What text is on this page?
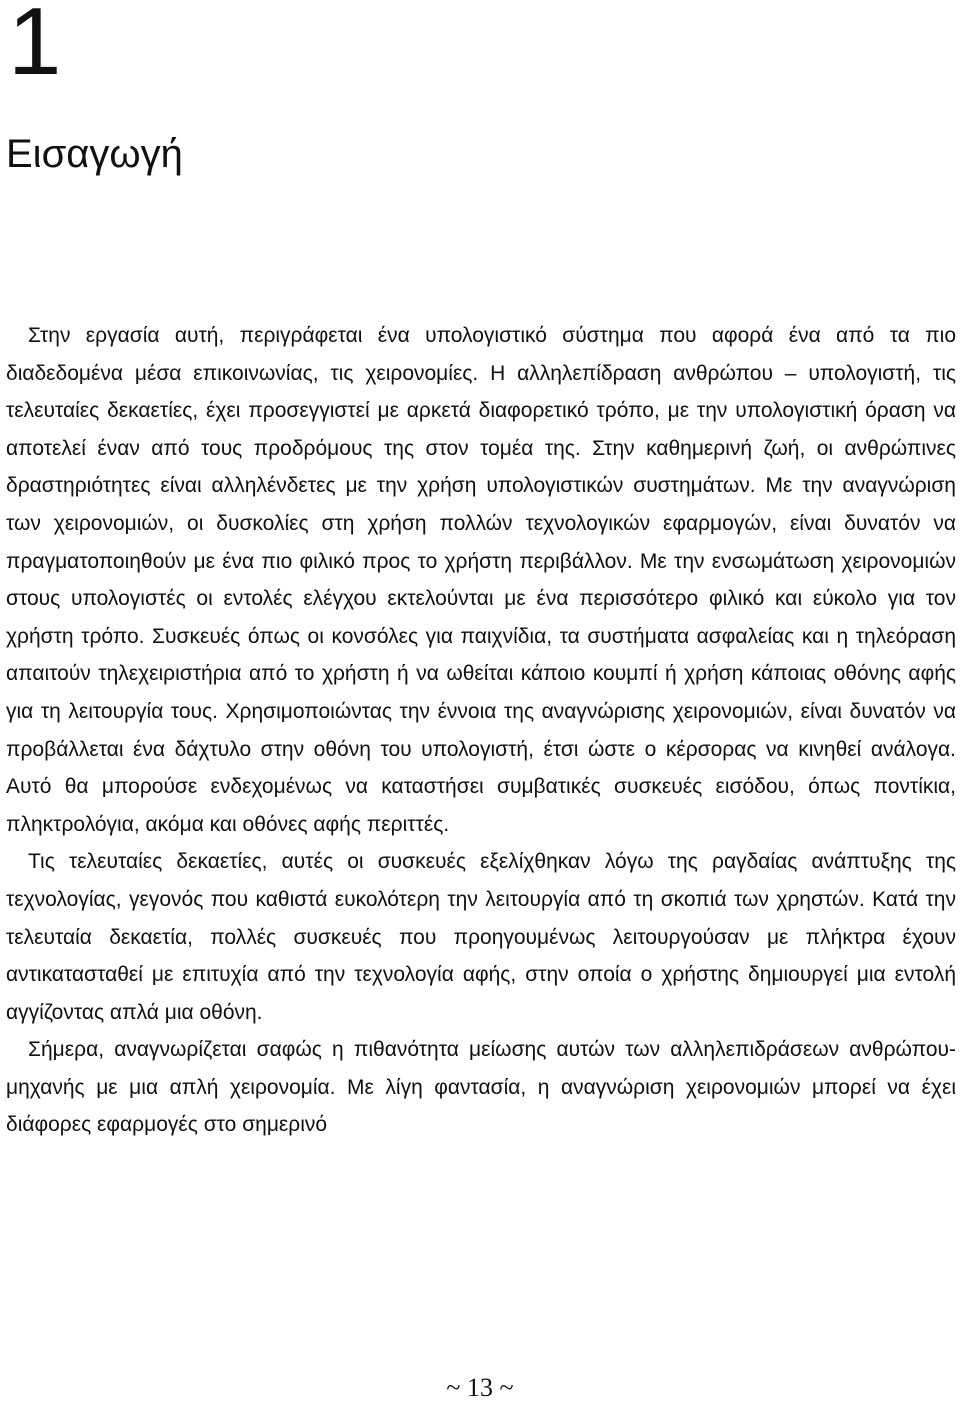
1
Εισαγωγή

Στην εργασία αυτή, περιγράφεται ένα υπολογιστικό σύστημα που αφορά ένα από τα πιο διαδεδομένα μέσα επικοινωνίας, τις χειρονομίες. Η αλληλεπίδραση ανθρώπου – υπολογιστή, τις τελευταίες δεκαετίες, έχει προσεγγιστεί με αρκετά διαφορετικό τρόπο, με την υπολογιστική όραση να αποτελεί έναν από τους προδρόμους της στον τομέα της. Στην καθημερινή ζωή, οι ανθρώπινες δραστηριότητες είναι αλληλένδετες με την χρήση υπολογιστικών συστημάτων. Με την αναγνώριση των χειρονομιών, οι δυσκολίες στη χρήση πολλών τεχνολογικών εφαρμογών, είναι δυνατόν να πραγματοποιηθούν με ένα πιο φιλικό προς το χρήστη περιβάλλον. Με την ενσωμάτωση χειρονομιών στους υπολογιστές οι εντολές ελέγχου εκτελούνται με ένα περισσότερο φιλικό και εύκολο για τον χρήστη τρόπο. Συσκευές όπως οι κονσόλες για παιχνίδια, τα συστήματα ασφαλείας και η τηλεόραση απαιτούν τηλεχειριστήρια από το χρήστη ή να ωθείται κάποιο κουμπί ή χρήση κάποιας οθόνης αφής για τη λειτουργία τους. Χρησιμοποιώντας την έννοια της αναγνώρισης χειρονομιών, είναι δυνατόν να προβάλλεται ένα δάχτυλο στην οθόνη του υπολογιστή, έτσι ώστε ο κέρσορας να κινηθεί ανάλογα. Αυτό θα μπορούσε ενδεχομένως να καταστήσει συμβατικές συσκευές εισόδου, όπως ποντίκια, πληκτρολόγια, ακόμα και οθόνες αφής περιττές.

Τις τελευταίες δεκαετίες, αυτές οι συσκευές εξελίχθηκαν λόγω της ραγδαίας ανάπτυξης της τεχνολογίας, γεγονός που καθιστά ευκολότερη την λειτουργία από τη σκοπιά των χρηστών. Κατά την τελευταία δεκαετία, πολλές συσκευές που προηγουμένως λειτουργούσαν με πλήκτρα έχουν αντικατασταθεί με επιτυχία από την τεχνολογία αφής, στην οποία ο χρήστης δημιουργεί μια εντολή αγγίζοντας απλά μια οθόνη.

Σήμερα, αναγνωρίζεται σαφώς η πιθανότητα μείωσης αυτών των αλληλεπιδράσεων ανθρώπου-μηχανής με μια απλή χειρονομία. Με λίγη φαντασία, η αναγνώριση χειρονομιών μπορεί να έχει διάφορες εφαρμογές στο σημερινό

~ 13 ~
